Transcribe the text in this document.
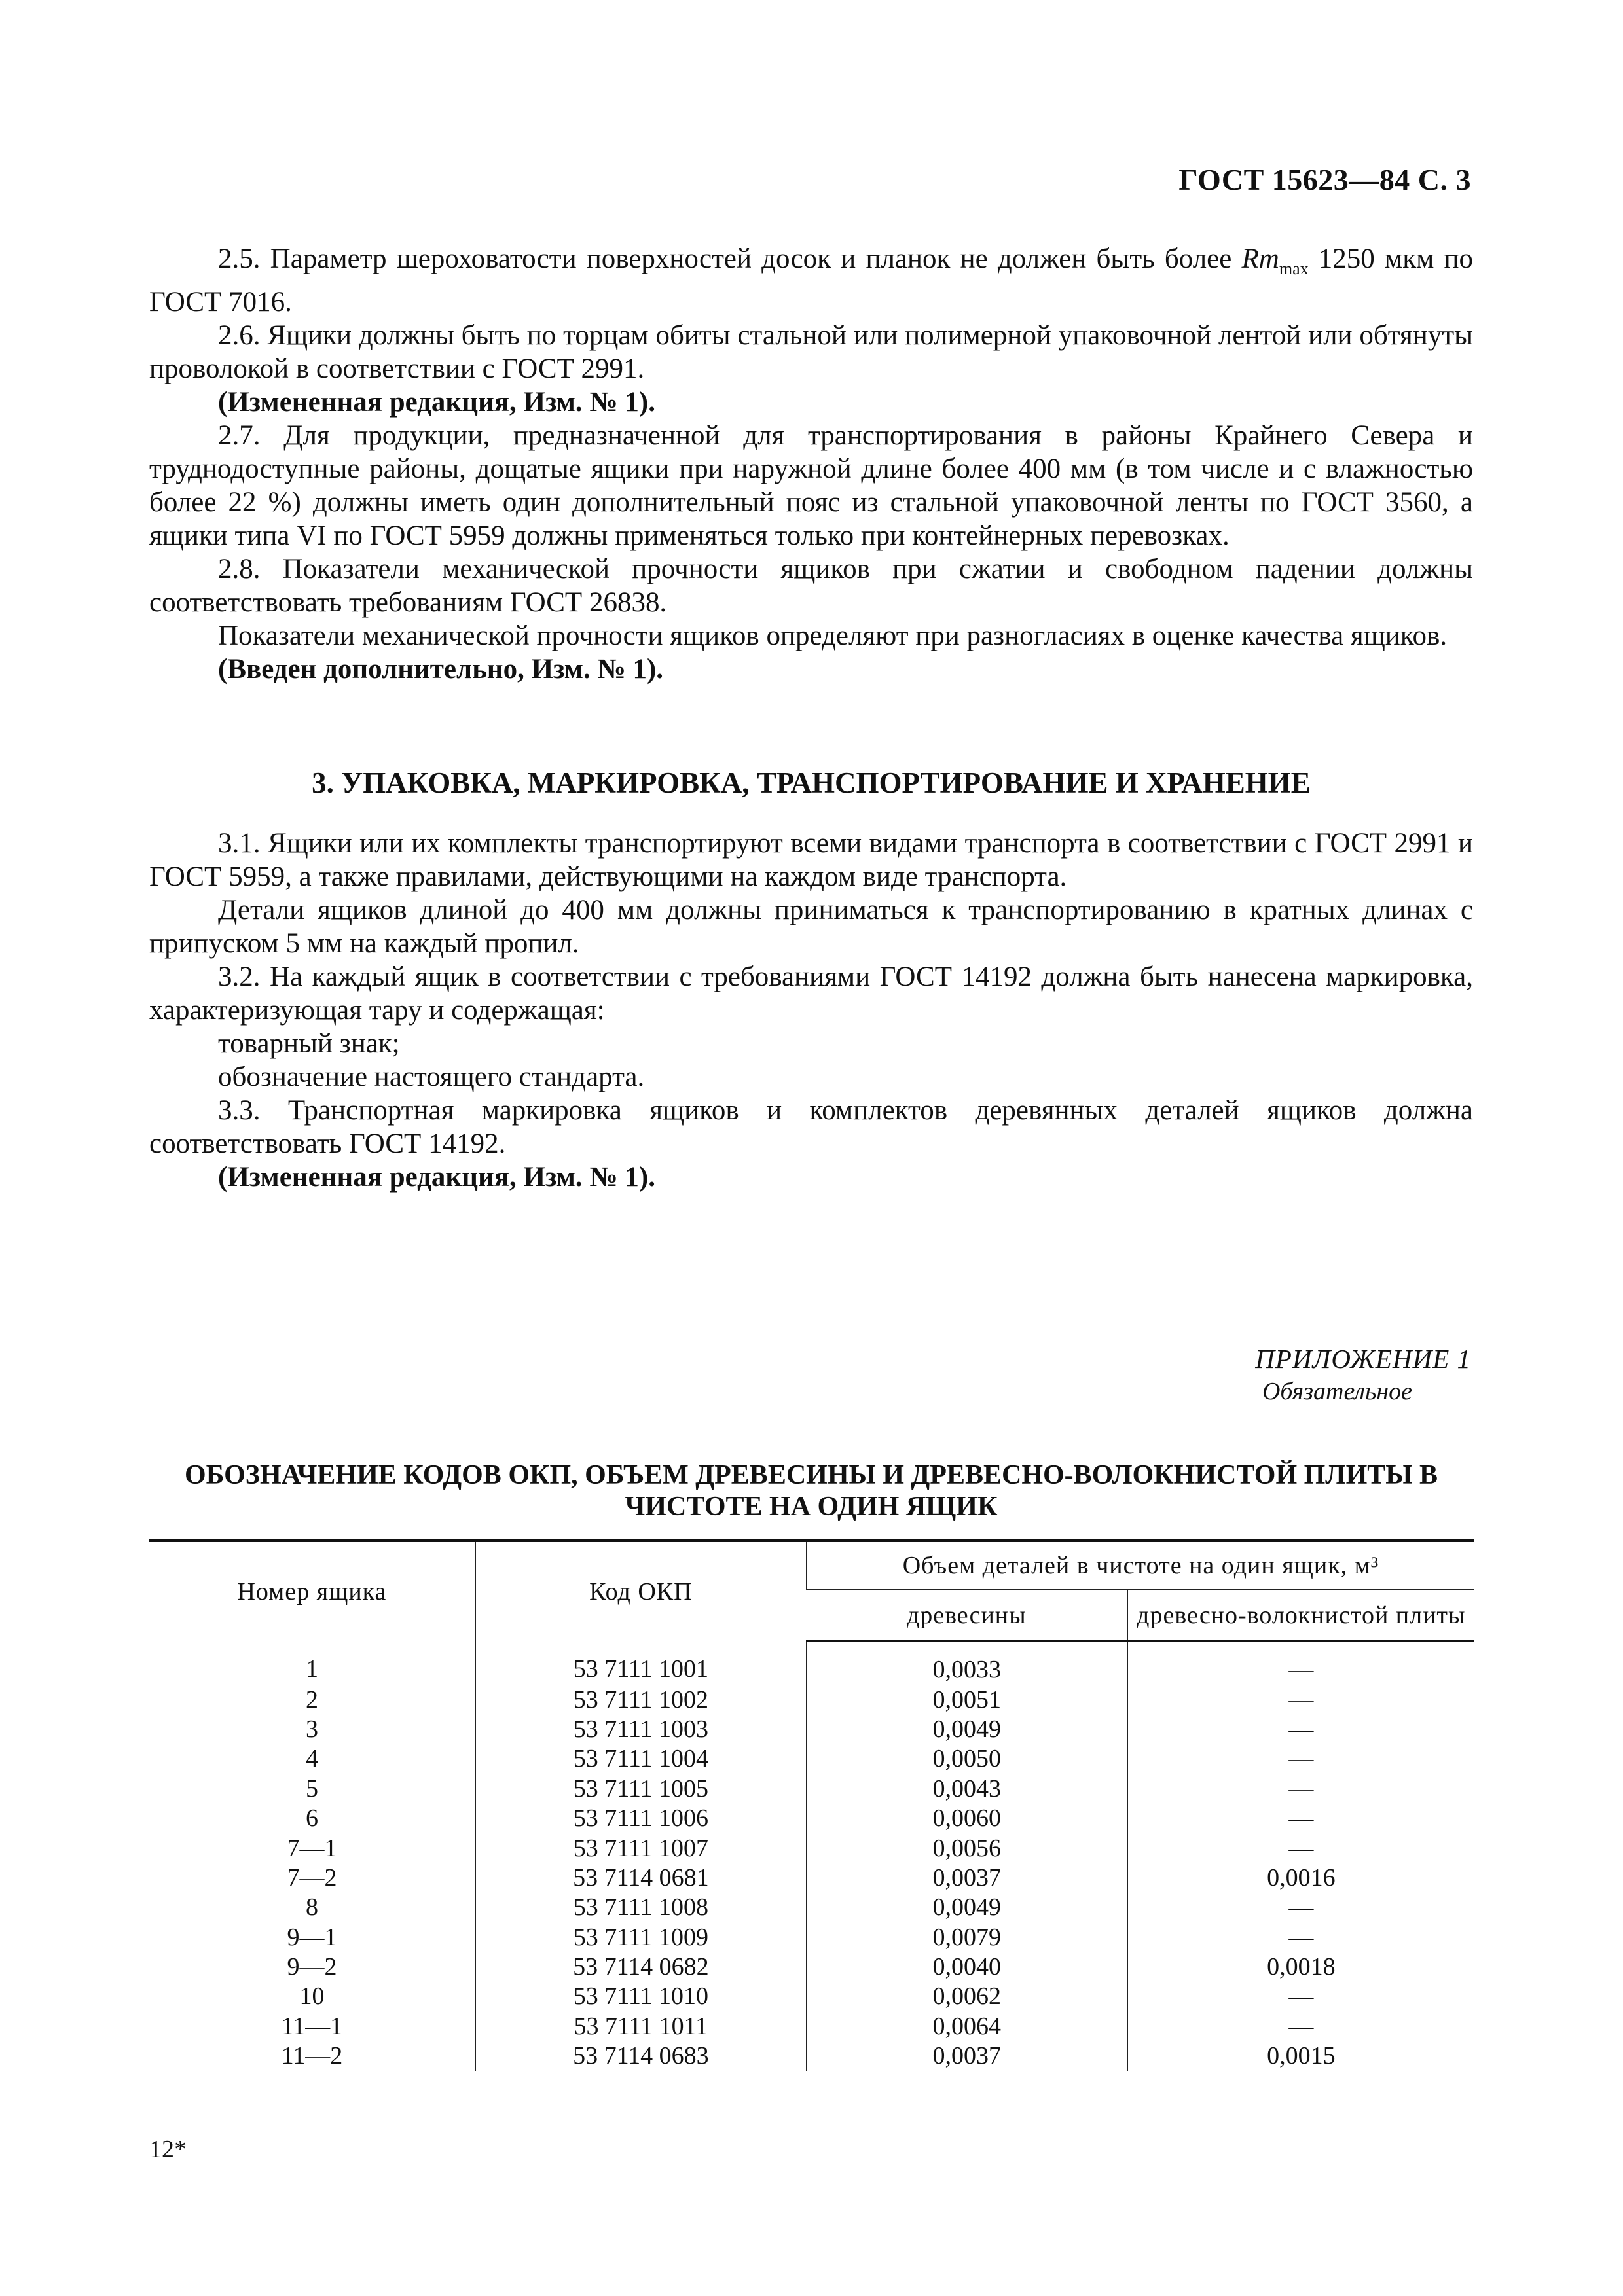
ГОСТ 15623—84 С. 3

2.5. Параметр шероховатости поверхностей досок и планок не должен быть более $Rm_{max}$ 1250 мкм по ГОСТ 7016.

2.6. Ящики должны быть по торцам обиты стальной или полимерной упаковочной лентой или обтянуты проволокой в соответствии с ГОСТ 2991.

(Измененная редакция, Изм. № 1).

2.7. Для продукции, предназначенной для транспортирования в районы Крайнего Севера и труднодоступные районы, дощатые ящики при наружной длине более 400 мм (в том числе и с влажностью более 22 %) должны иметь один дополнительный пояс из стальной упаковочной ленты по ГОСТ 3560, а ящики типа VI по ГОСТ 5959 должны применяться только при контейнерных перевозках.

2.8. Показатели механической прочности ящиков при сжатии и свободном падении должны соответствовать требованиям ГОСТ 26838.

Показатели механической прочности ящиков определяют при разногласиях в оценке качества ящиков.

(Введен дополнительно, Изм. № 1).

3. УПАКОВКА, МАРКИРОВКА, ТРАНСПОРТИРОВАНИЕ И ХРАНЕНИЕ

3.1. Ящики или их комплекты транспортируют всеми видами транспорта в соответствии с ГОСТ 2991 и ГОСТ 5959, а также правилами, действующими на каждом виде транспорта.

Детали ящиков длиной до 400 мм должны приниматься к транспортированию в кратных длинах с припуском 5 мм на каждый пропил.

3.2. На каждый ящик в соответствии с требованиями ГОСТ 14192 должна быть нанесена маркировка, характеризующая тару и содержащая:

товарный знак;

обозначение настоящего стандарта.

3.3. Транспортная маркировка ящиков и комплектов деревянных деталей ящиков должна соответствовать ГОСТ 14192.

(Измененная редакция, Изм. № 1).

ПРИЛОЖЕНИЕ 1
Обязательное
ОБОЗНАЧЕНИЕ КОДОВ ОКП, ОБЪЕМ ДРЕВЕСИНЫ И ДРЕВЕСНО-ВОЛОКНИСТОЙ ПЛИТЫ В ЧИСТОТЕ НА ОДИН ЯЩИК
Номер ящика	Код ОКП	Объем деталей в чистоте на один ящик, м³	
		древесины	древесно-волокнистой плиты
1	53 7111 1001	0,0033	—
2	53 7111 1002	0,0051	—
3	53 7111 1003	0,0049	—
4	53 7111 1004	0,0050	—
5	53 7111 1005	0,0043	—
6	53 7111 1006	0,0060	—
7—1	53 7111 1007	0,0056	—
7—2	53 7114 0681	0,0037	0,0016
8	53 7111 1008	0,0049	—
9—1	53 7111 1009	0,0079	—
9—2	53 7114 0682	0,0040	0,0018
10	53 7111 1010	0,0062	—
11—1	53 7111 1011	0,0064	—
11—2	53 7114 0683	0,0037	0,0015
12*
